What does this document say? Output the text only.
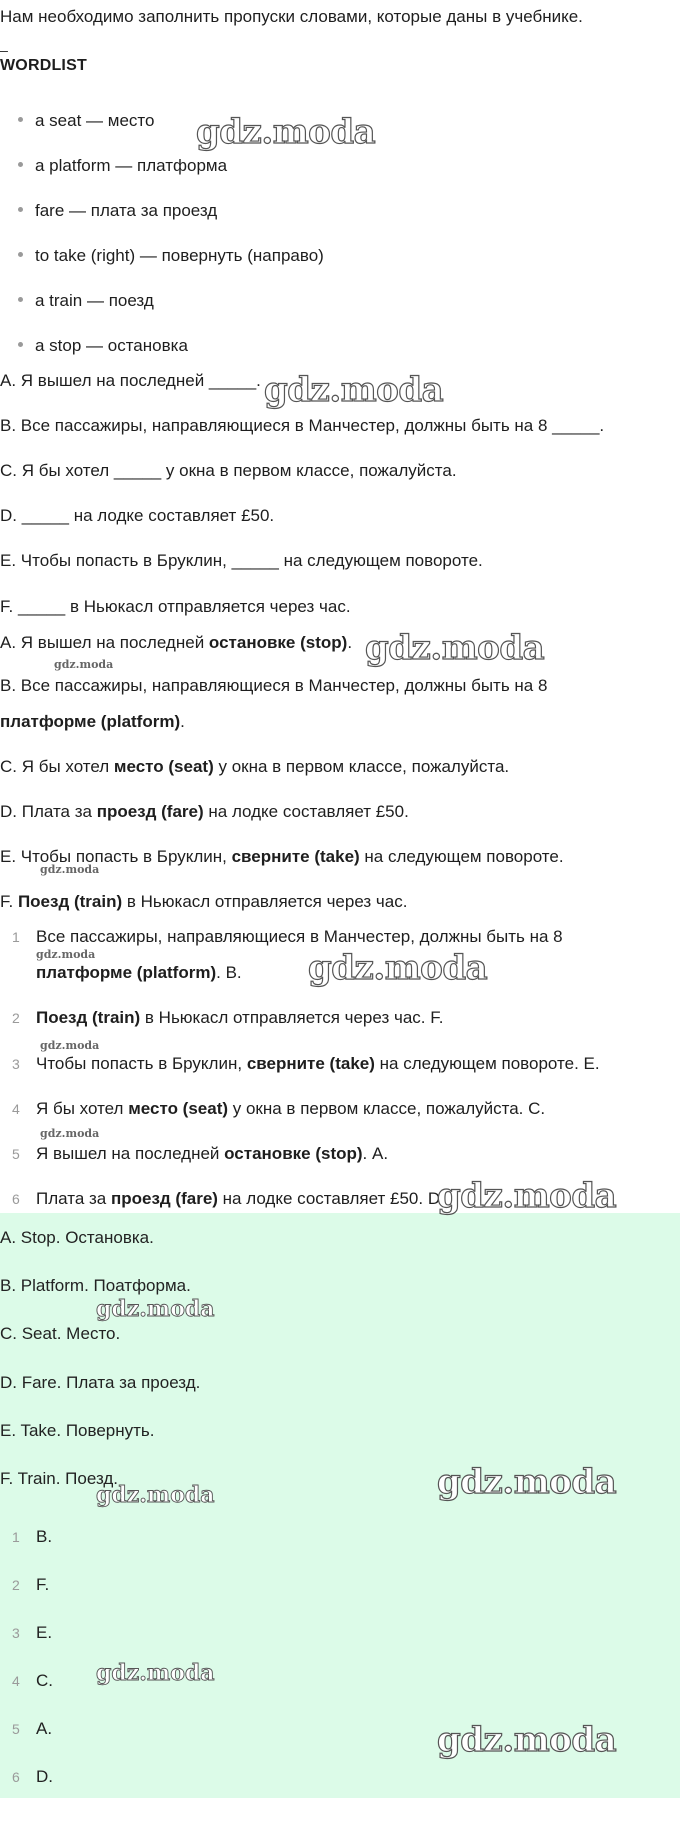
Нам необходимо заполнить пропуски словами, которые даны в учебнике.
_
WORDLIST
a seat — место
a platform — платформа
fare — плата за проезд
to take (right) — повернуть (направо)
a train — поезд
a stop — остановка
A. Я вышел на последней _____.
B. Все пассажиры, направляющиеся в Манчестер, должны быть на 8 _____.
C. Я бы хотел _____ у окна в первом классе, пожалуйста.
D. _____ на лодке составляет £50.
E. Чтобы попасть в Бруклин, _____ на следующем повороте.
F. _____ в Ньюкасл отправляется через час.
A. Я вышел на последней остановке (stop).
B. Все пассажиры, направляющиеся в Манчестер, должны быть на 8
платформе (platform).
C. Я бы хотел место (seat) у окна в первом классе, пожалуйста.
D. Плата за проезд (fare) на лодке составляет £50.
E. Чтобы попасть в Бруклин, сверните (take) на следующем повороте.
F. Поезд (train) в Ньюкасл отправляется через час.
1 Все пассажиры, направляющиеся в Манчестер, должны быть на 8
платформе (platform). B.
2 Поезд (train) в Ньюкасл отправляется через час. F.
3 Чтобы попасть в Бруклин, сверните (take) на следующем повороте. E.
4 Я бы хотел место (seat) у окна в первом классе, пожалуйста. C.
5 Я вышел на последней остановке (stop). A.
6 Плата за проезд (fare) на лодке составляет £50. D.
A. Stop. Остановка.
B. Platform. Поатформа.
C. Seat. Место.
D. Fare. Плата за проезд.
E. Take. Повернуть.
F. Train. Поезд.
1 B.
2 F.
3 E.
4 C.
5 A.
6 D.
gdz.moda
gdz.moda
gdz.moda
gdz.moda
gdz.moda
gdz.moda	gdz.moda
gdz.moda
gdz.moda
gdz.moda
gdz.moda
gdz.moda
gdz.moda
gdz.moda
gdz.moda
